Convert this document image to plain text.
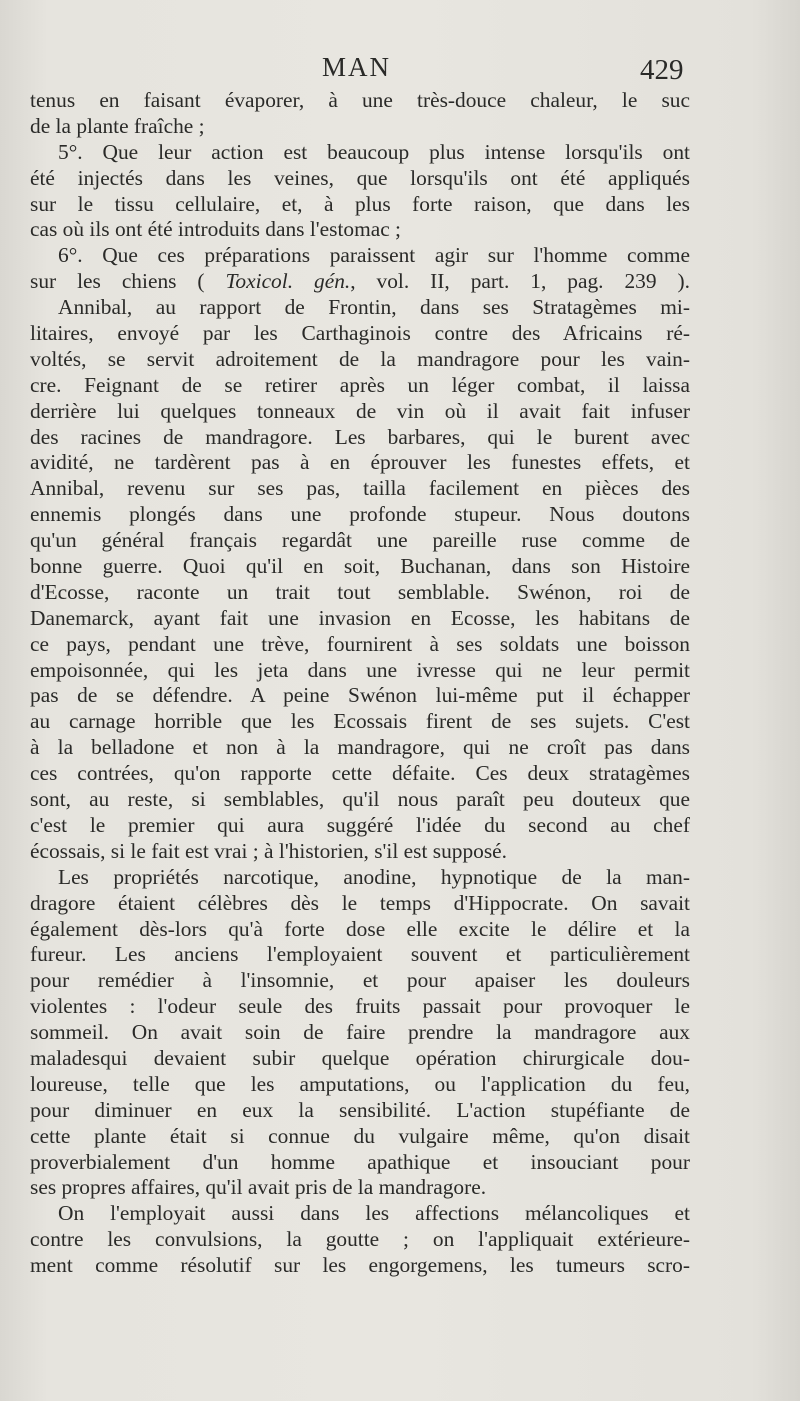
MAN	429
tenus en faisant évaporer, à une très-douce chaleur, le suc
de la plante fraîche ;
5°. Que leur action est beaucoup plus intense lorsqu'ils ont
été injectés dans les veines, que lorsqu'ils ont été appliqués
sur le tissu cellulaire, et, à plus forte raison, que dans les
cas où ils ont été introduits dans l'estomac ;
6°. Que ces préparations paraissent agir sur l'homme comme
sur les chiens ( Toxicol. gén., vol. II, part. 1, pag. 239 ).
Annibal, au rapport de Frontin, dans ses Stratagèmes mi-
litaires, envoyé par les Carthaginois contre des Africains ré-
voltés, se servit adroitement de la mandragore pour les vain-
cre. Feignant de se retirer après un léger combat, il laissa
derrière lui quelques tonneaux de vin où il avait fait infuser
des racines de mandragore. Les barbares, qui le burent avec
avidité, ne tardèrent pas à en éprouver les funestes effets, et
Annibal, revenu sur ses pas, tailla facilement en pièces des
ennemis plongés dans une profonde stupeur. Nous doutons
qu'un général français regardât une pareille ruse comme de
bonne guerre. Quoi qu'il en soit, Buchanan, dans son Histoire
d'Ecosse, raconte un trait tout semblable. Swénon, roi de
Danemarck, ayant fait une invasion en Ecosse, les habitans de
ce pays, pendant une trève, fournirent à ses soldats une boisson
empoisonnée, qui les jeta dans une ivresse qui ne leur permit
pas de se défendre. A peine Swénon lui-même put il échapper
au carnage horrible que les Ecossais firent de ses sujets. C'est
à la belladone et non à la mandragore, qui ne croît pas dans
ces contrées, qu'on rapporte cette défaite. Ces deux stratagèmes
sont, au reste, si semblables, qu'il nous paraît peu douteux que
c'est le premier qui aura suggéré l'idée du second au chef
écossais, si le fait est vrai ; à l'historien, s'il est supposé.
Les propriétés narcotique, anodine, hypnotique de la man-
dragore étaient célèbres dès le temps d'Hippocrate. On savait
également dès-lors qu'à forte dose elle excite le délire et la
fureur. Les anciens l'employaient souvent et particulièrement
pour remédier à l'insomnie, et pour apaiser les douleurs
violentes : l'odeur seule des fruits passait pour provoquer le
sommeil. On avait soin de faire prendre la mandragore aux
maladesqui devaient subir quelque opération chirurgicale dou-
loureuse, telle que les amputations, ou l'application du feu,
pour diminuer en eux la sensibilité. L'action stupéfiante de
cette plante était si connue du vulgaire même, qu'on disait
proverbialement d'un homme apathique et insouciant pour
ses propres affaires, qu'il avait pris de la mandragore.
On l'employait aussi dans les affections mélancoliques et
contre les convulsions, la goutte ; on l'appliquait extérieure-
ment comme résolutif sur les engorgemens, les tumeurs scro-
